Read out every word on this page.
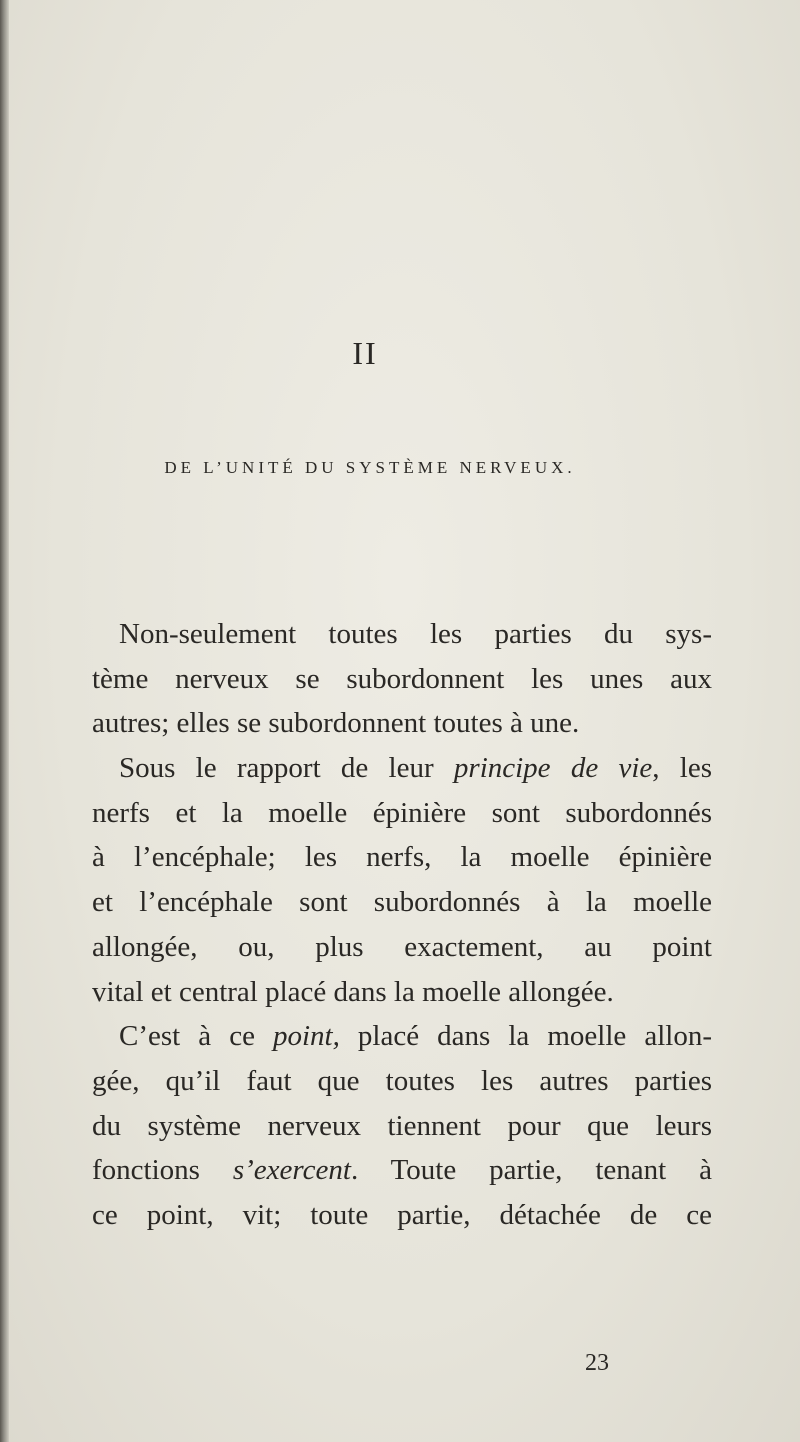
II
DE L’UNITÉ DU SYSTÈME NERVEUX.
Non-seulement toutes les parties du sys-
tème nerveux se subordonnent les unes aux
autres; elles se subordonnent toutes à une.
Sous le rapport de leur principe de vie, les
nerfs et la moelle épinière sont subordonnés
à l’encéphale; les nerfs, la moelle épinière
et l’encéphale sont subordonnés à la moelle
allongée, ou, plus exactement, au point
vital et central placé dans la moelle allongée.
C’est à ce point, placé dans la moelle allon-
gée, qu’il faut que toutes les autres parties
du système nerveux tiennent pour que leurs
fonctions s’exercent. Toute partie, tenant à
ce point, vit; toute partie, détachée de ce
23
